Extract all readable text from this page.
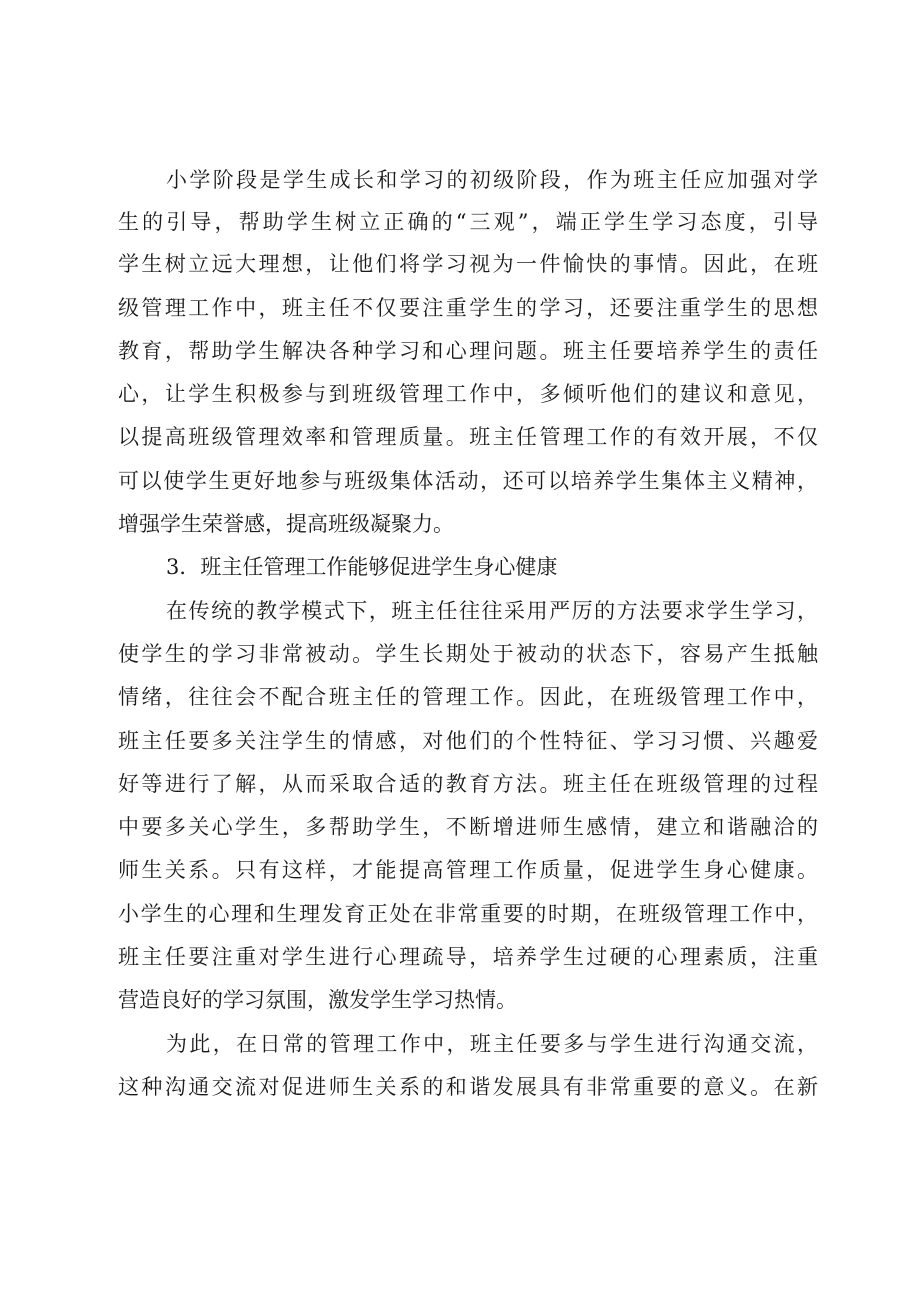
小学阶段是学生成长和学习的初级阶段，作为班主任应加强对学
生的引导，帮助学生树立正确的“三观”，端正学生学习态度，引导
学生树立远大理想，让他们将学习视为一件愉快的事情。因此，在班
级管理工作中，班主任不仅要注重学生的学习，还要注重学生的思想
教育，帮助学生解决各种学习和心理问题。班主任要培养学生的责任
心，让学生积极参与到班级管理工作中，多倾听他们的建议和意见，
以提高班级管理效率和管理质量。班主任管理工作的有效开展，不仅
可以使学生更好地参与班级集体活动，还可以培养学生集体主义精神，
增强学生荣誉感，提高班级凝聚力。
3．班主任管理工作能够促进学生身心健康
在传统的教学模式下，班主任往往采用严厉的方法要求学生学习，
使学生的学习非常被动。学生长期处于被动的状态下，容易产生抵触
情绪，往往会不配合班主任的管理工作。因此，在班级管理工作中，
班主任要多关注学生的情感，对他们的个性特征、学习习惯、兴趣爱
好等进行了解，从而采取合适的教育方法。班主任在班级管理的过程
中要多关心学生，多帮助学生，不断增进师生感情，建立和谐融洽的
师生关系。只有这样，才能提高管理工作质量，促进学生身心健康。
小学生的心理和生理发育正处在非常重要的时期，在班级管理工作中，
班主任要注重对学生进行心理疏导，培养学生过硬的心理素质，注重
营造良好的学习氛围，激发学生学习热情。
为此，在日常的管理工作中，班主任要多与学生进行沟通交流，
这种沟通交流对促进师生关系的和谐发展具有非常重要的意义。在新
